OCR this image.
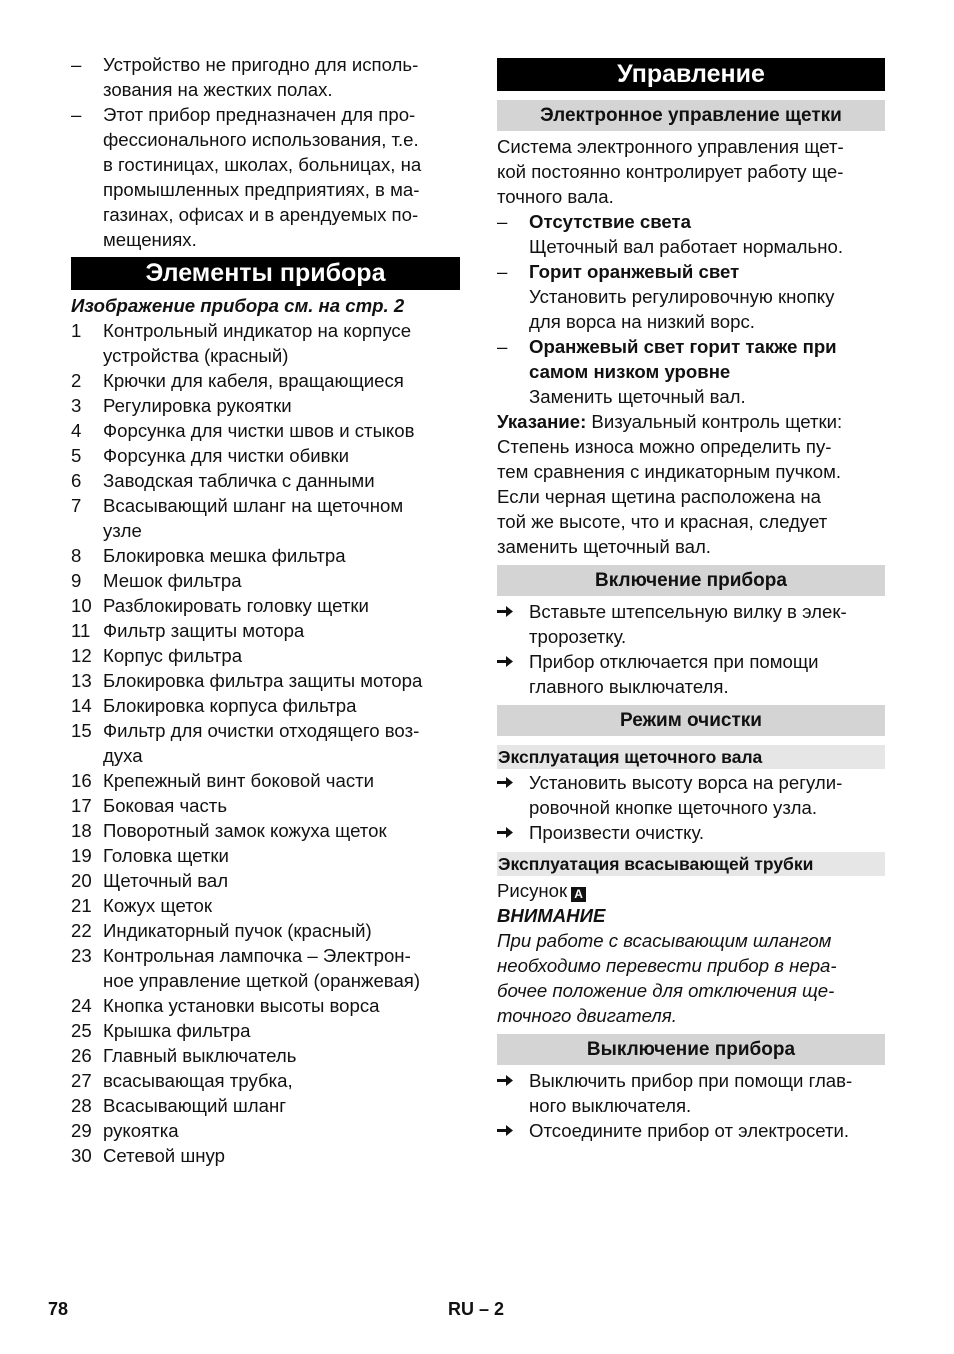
–	Устройство не пригодно для исполь-
зования на жестких полах.
–	Этот прибор предназначен для про-
фессионального использования, т.е.
в гостиницах, школах, больницах, на
промышленных предприятиях, в ма-
газинах, офисах и в арендуемых по-
мещениях.
Элементы прибора
Изображение прибора см. на стр. 2
1	Контрольный индикатор на корпусе
устройства (красный)
2	Крючки для кабеля, вращающиеся
3	Регулировка рукоятки
4	Форсунка для чистки швов и стыков
5	Форсунка для чистки обивки
6	Заводская табличка с данными
7	Всасывающий шланг на щеточном
узле
8	Блокировка мешка фильтра
9	Мешок фильтра
10 Разблокировать головку щетки
11 Фильтр защиты мотора
12 Корпус фильтра
13 Блокировка фильтра защиты мотора
14 Блокировка корпуса фильтра
15 Фильтр для очистки отходящего воз-
духа
16 Крепежный винт боковой части
17 Боковая часть
18 Поворотный замок кожуха щеток
19 Головка щетки
20 Щеточный вал
21 Кожух щеток
22 Индикаторный пучок (красный)
23 Контрольная лампочка – Электрон-
ное управление щеткой (оранжевая)
24 Кнопка установки высоты ворса
25 Крышка фильтра
26 Главный выключатель
27 всасывающая трубка,
28 Всасывающий шланг
29 рукоятка
30 Сетевой шнур
Управление
Электронное управление щетки
Система электронного управления щет-
кой постоянно контролирует работу ще-
точного вала.
–	Отсутствие света
Щеточный вал работает нормально.
–	Горит оранжевый свет
Установить регулировочную кнопку
для ворса на низкий ворс.
–	Оранжевый свет горит также при
самом низком уровне
Заменить щеточный вал.
Указание: Визуальный контроль щетки:
Степень износа можно определить пу-
тем сравнения с индикаторным пучком.
Если черная щетина расположена на
той же высоте, что и красная, следует
заменить щеточный вал.
Включение прибора
Вставьте штепсельную вилку в элек-
тророзетку.
Прибор отключается при помощи
главного выключателя.
Режим очистки
Эксплуатация щеточного вала
Установить высоту ворса на регули-
ровочной кнопке щеточного узла.
Произвести очистку.
Эксплуатация всасывающей трубки
Рисунок A
ВНИМАНИЕ
При работе с всасывающим шлангом
необходимо перевести прибор в нера-
бочее положение для отключения ще-
точного двигателя.
Выключение прибора
Выключить прибор при помощи глав-
ного выключателя.
Отсоедините прибор от электросети.
78	RU – 2
